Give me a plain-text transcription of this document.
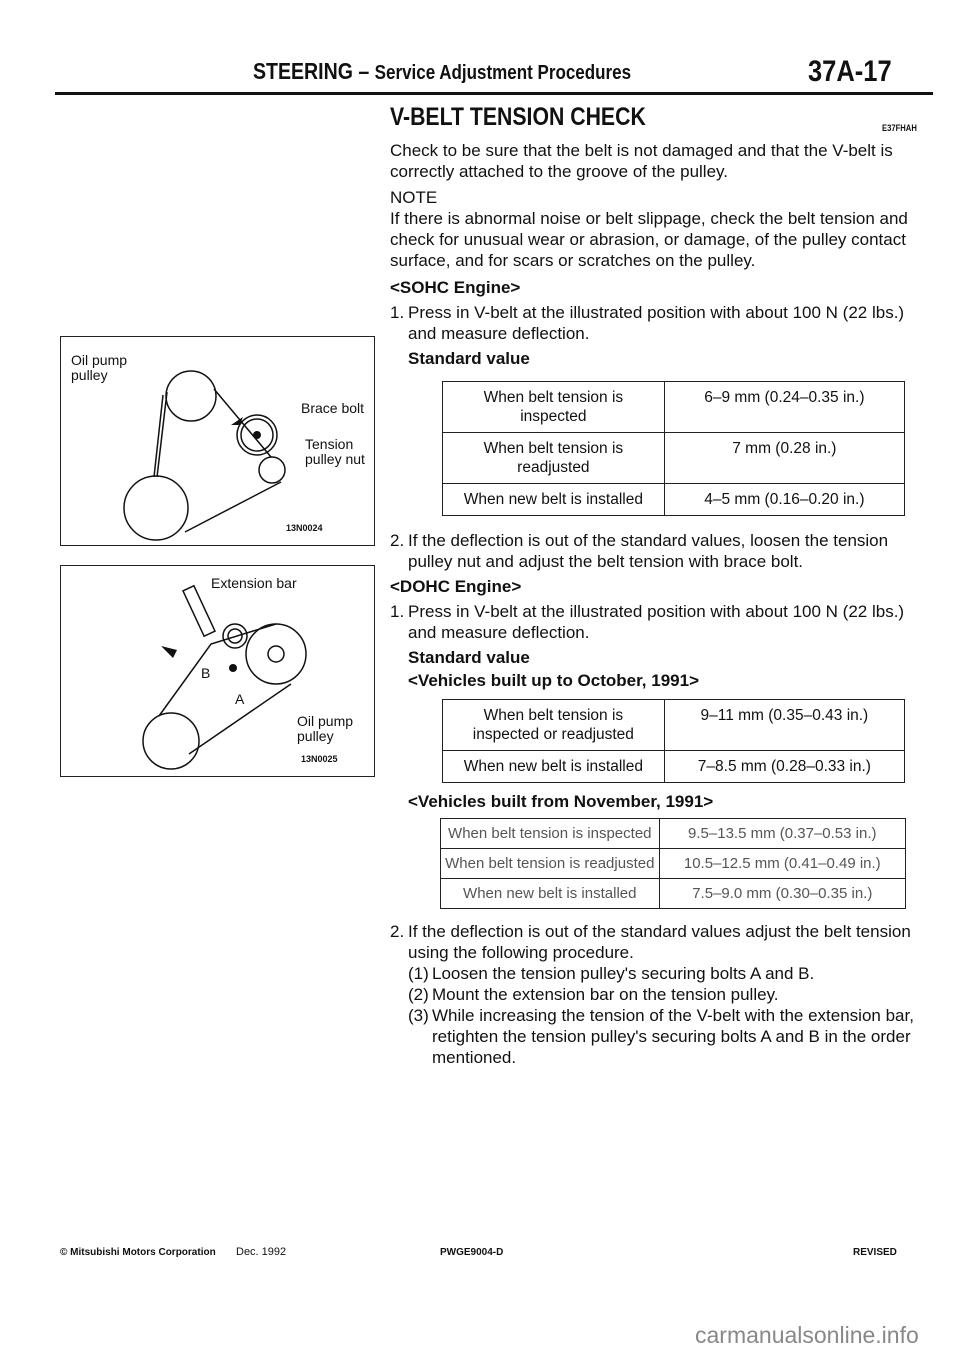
STEERING – Service Adjustment Procedures	37A-17
V-BELT TENSION CHECK	E37FHAH

Check to be sure that the belt is not damaged and that the V-belt is correctly attached to the groove of the pulley.

NOTE

If there is abnormal noise or belt slippage, check the belt tension and check for unusual wear or abrasion, or damage, of the pulley contact surface, and for scars or scratches on the pulley.

<SOHC Engine>

1. Press in V-belt at the illustrated position with about 100 N (22 lbs.) and measure deflection.

Standard value

When belt tension is inspected	6–9 mm (0.24–0.35 in.)
When belt tension is readjusted	7 mm (0.28 in.)
When new belt is installed	4–5 mm (0.16–0.20 in.)
2. If the deflection is out of the standard values, loosen the tension pulley nut and adjust the belt tension with brace bolt.

<DOHC Engine>

1. Press in V-belt at the illustrated position with about 100 N (22 lbs.) and measure deflection.

Standard value

<Vehicles built up to October, 1991>

When belt tension is inspected or readjusted	9–11 mm (0.35–0.43 in.)
When new belt is installed	7–8.5 mm (0.28–0.33 in.)

<Vehicles built from November, 1991>

When belt tension is inspected	9.5–13.5 mm (0.37–0.53 in.)
When belt tension is readjusted	10.5–12.5 mm (0.41–0.49 in.)
When new belt is installed	7.5–9.0 mm (0.30–0.35 in.)
2. If the deflection is out of the standard values adjust the belt tension using the following procedure.
(1) Loosen the tension pulley's securing bolts A and B.
(2) Mount the extension bar on the tension pulley.
(3) While increasing the tension of the V-belt with the extension bar, retighten the tension pulley's securing bolts A and B in the order mentioned.
Oil pump pulley
Brace bolt
Tension pulley nut
13N0024
Extension bar
B
A
Oil pump pulley
13N0025
© Mitsubishi Motors Corporation Dec. 1992	PWGE9004-D	REVISED
carmanualsonline.info
